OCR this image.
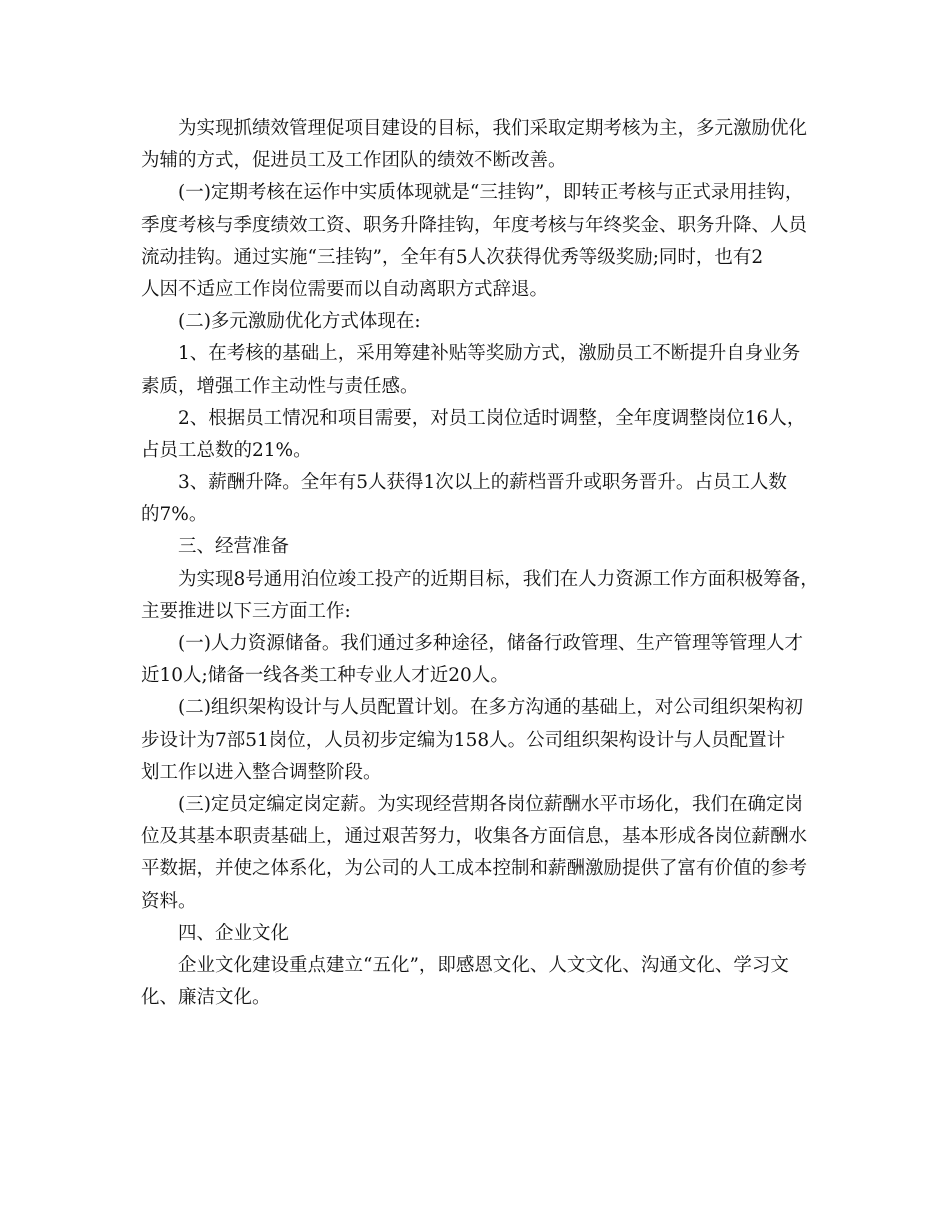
为实现抓绩效管理促项目建设的目标，我们采取定期考核为主，多元激励优化
为辅的方式，促进员工及工作团队的绩效不断改善。
(一)定期考核在运作中实质体现就是“三挂钩”，即转正考核与正式录用挂钩，
季度考核与季度绩效工资、职务升降挂钩，年度考核与年终奖金、职务升降、人员
流动挂钩。通过实施“三挂钩”，全年有5人次获得优秀等级奖励;同时，也有2
人因不适应工作岗位需要而以自动离职方式辞退。
(二)多元激励优化方式体现在:
1、在考核的基础上，采用筹建补贴等奖励方式，激励员工不断提升自身业务
素质，增强工作主动性与责任感。
2、根据员工情况和项目需要，对员工岗位适时调整，全年度调整岗位16人，
占员工总数的21%。
3、薪酬升降。全年有5人获得1次以上的薪档晋升或职务晋升。占员工人数
的7%。
三、经营准备
为实现8号通用泊位竣工投产的近期目标，我们在人力资源工作方面积极筹备，
主要推进以下三方面工作:
(一)人力资源储备。我们通过多种途径，储备行政管理、生产管理等管理人才
近10人;储备一线各类工种专业人才近20人。
(二)组织架构设计与人员配置计划。在多方沟通的基础上，对公司组织架构初
步设计为7部51岗位，人员初步定编为158人。公司组织架构设计与人员配置计
划工作以进入整合调整阶段。
(三)定员定编定岗定薪。为实现经营期各岗位薪酬水平市场化，我们在确定岗
位及其基本职责基础上，通过艰苦努力，收集各方面信息，基本形成各岗位薪酬水
平数据，并使之体系化，为公司的人工成本控制和薪酬激励提供了富有价值的参考
资料。
四、企业文化
企业文化建设重点建立“五化”，即感恩文化、人文文化、沟通文化、学习文
化、廉洁文化。
